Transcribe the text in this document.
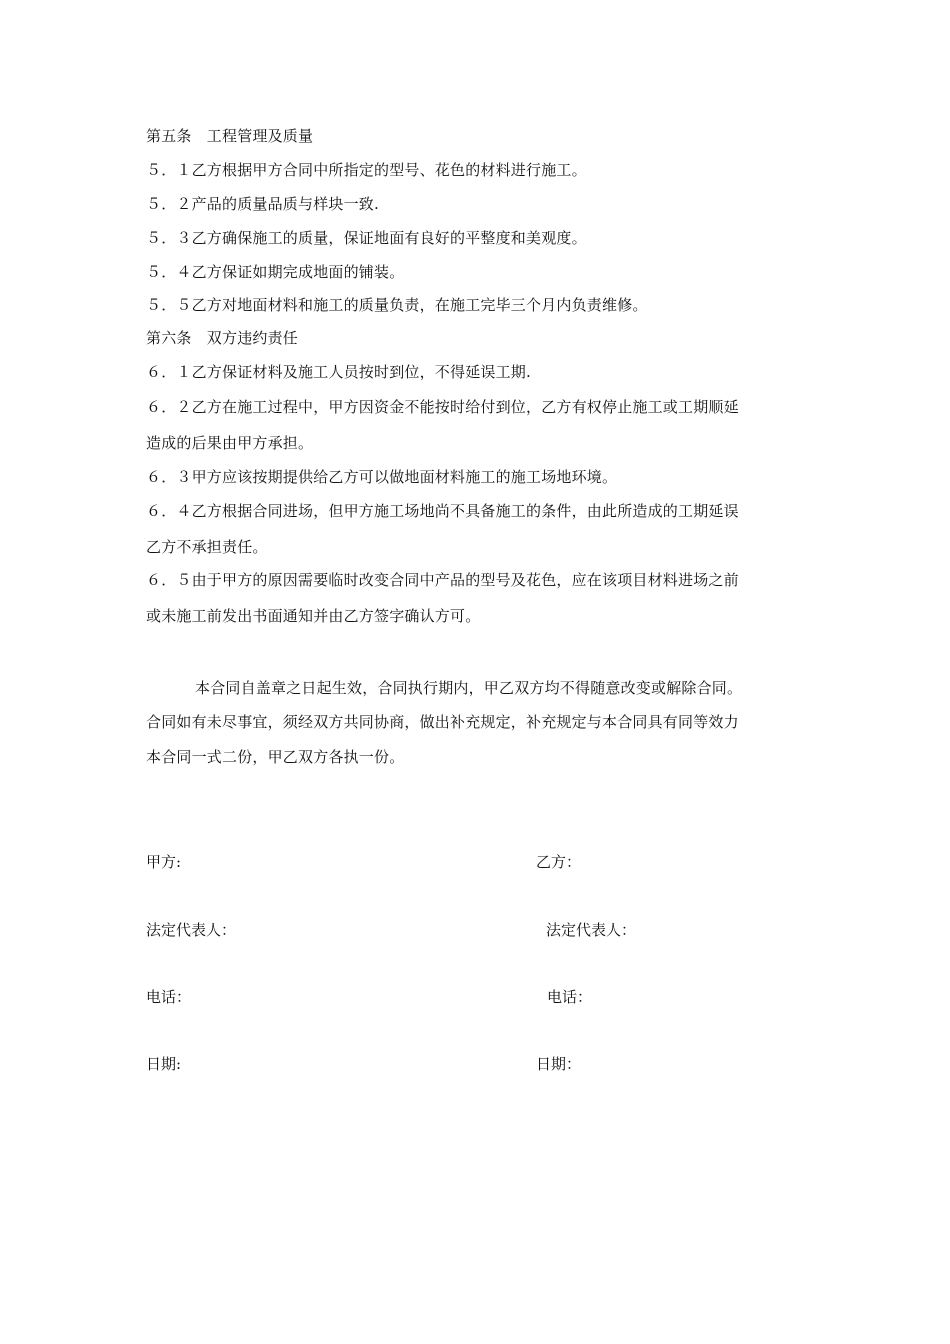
第五条　工程管理及质量
５．１乙方根据甲方合同中所指定的型号、花色的材料进行施工。
５．２产品的质量品质与样块一致.
５．３乙方确保施工的质量，保证地面有良好的平整度和美观度。
５．４乙方保证如期完成地面的铺装。
５．５乙方对地面材料和施工的质量负责，在施工完毕三个月内负责维修。
第六条　双方违约责任
６．１乙方保证材料及施工人员按时到位，不得延误工期.
６．２乙方在施工过程中，甲方因资金不能按时给付到位，乙方有权停止施工或工期顺延
造成的后果由甲方承担。
６．３甲方应该按期提供给乙方可以做地面材料施工的施工场地环境。
６．４乙方根据合同进场，但甲方施工场地尚不具备施工的条件，由此所造成的工期延误
乙方不承担责任。
６．５由于甲方的原因需要临时改变合同中产品的型号及花色，应在该项目材料进场之前
或未施工前发出书面通知并由乙方签字确认方可。
本合同自盖章之日起生效，合同执行期内，甲乙双方均不得随意改变或解除合同。
合同如有未尽事宜，须经双方共同协商，做出补充规定，补充规定与本合同具有同等效力
本合同一式二份，甲乙双方各执一份。
甲方:	乙方：
法定代表人：	法定代表人：
电话：	电话：
日期:	日期：
